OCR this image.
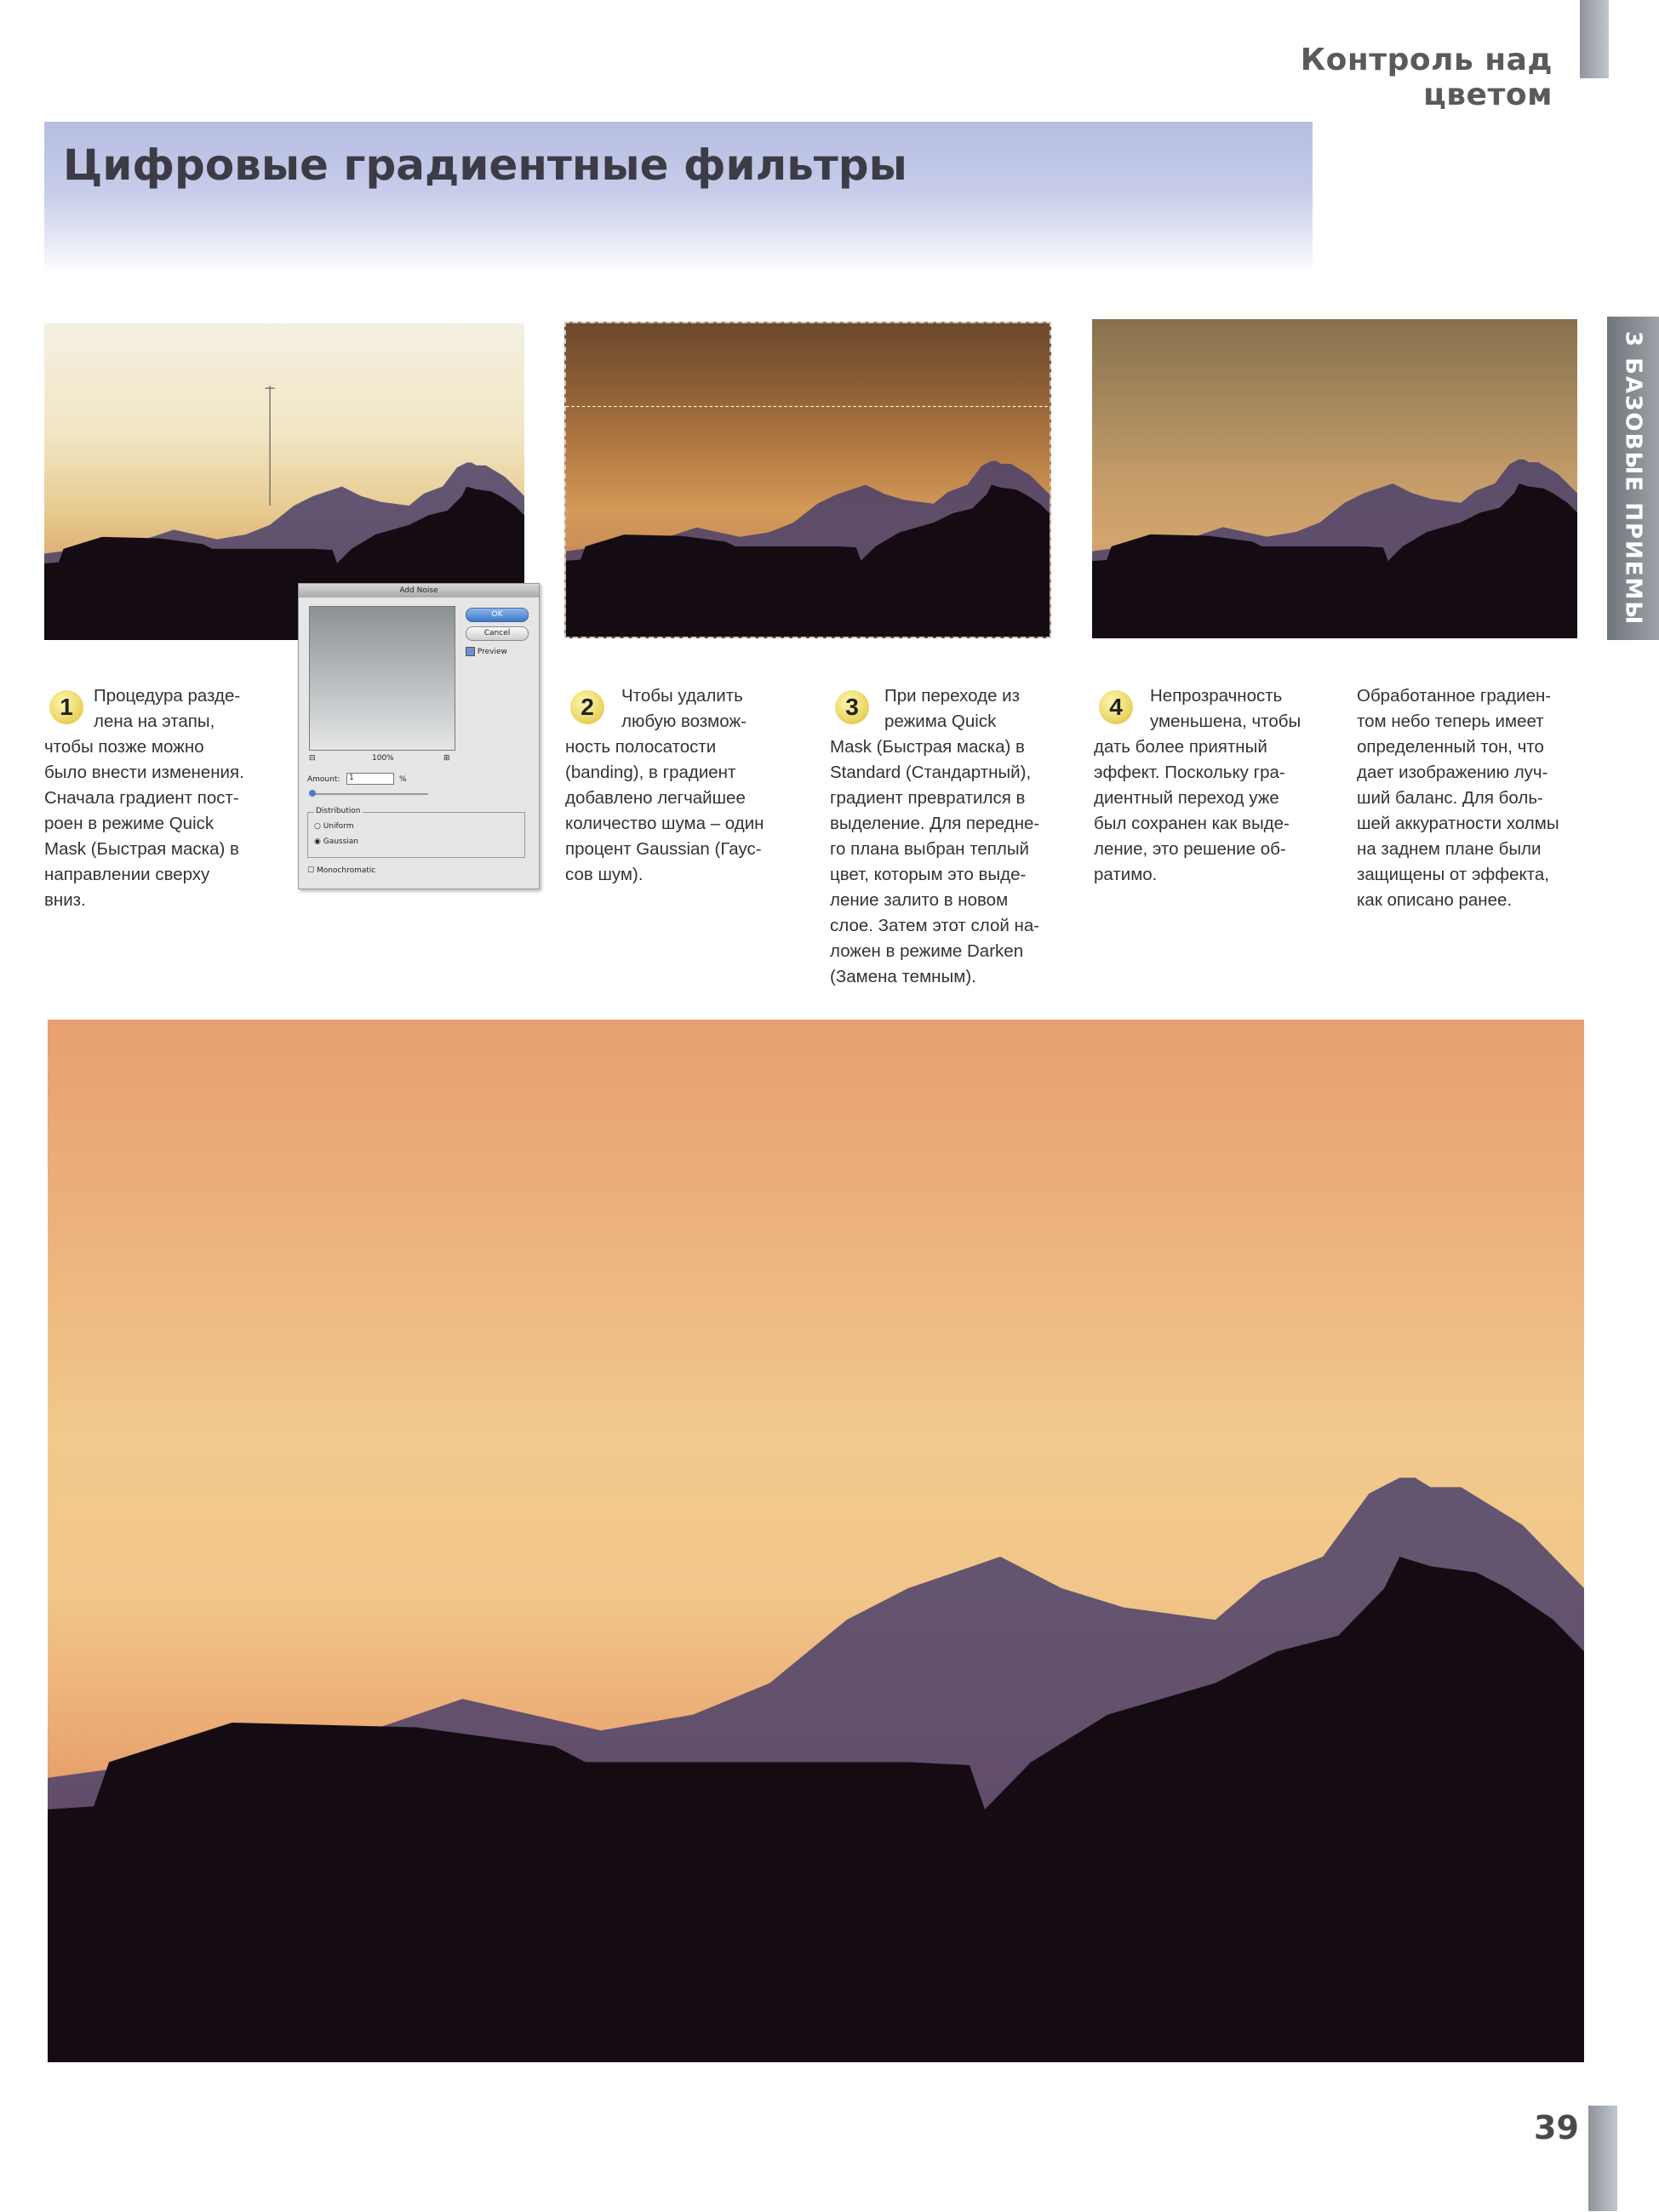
Контроль над цветом
Цифровые градиентные фильтры
3 БАЗОВЫЕ ПРИЕМЫ
Add Noise
OK
Cancel
Preview
⊟	100%	⊞
Amount:	1	%
Distribution
○ Uniform
◉ Gaussian
☐ Monochromatic
1	Процедура разде-
лена на этапы,
чтобы позже можно
было внести изменения.
Сначала градиент пост-
роен в режиме Quick
Mask (Быстрая маска) в
направлении сверху
вниз.
2	Чтобы удалить
любую возмож-
ность полосатости
(banding), в градиент
добавлено легчайшее
количество шума – один
процент Gaussian (Гаус-
сов шум).
3	При переходе из
режима Quick
Mask (Быстрая маска) в
Standard (Стандартный),
градиент превратился в
выделение. Для передне-
го плана выбран теплый
цвет, которым это выде-
ление залито в новом
слое. Затем этот слой на-
ложен в режиме Darken
(Замена темным).
4	Непрозрачность
уменьшена, чтобы
дать более приятный
эффект. Поскольку гра-
диентный переход уже
был сохранен как выде-
ление, это решение об-
ратимо.
Обработанное градиен-
том небо теперь имеет
определенный тон, что
дает изображению луч-
ший баланс. Для боль-
шей аккуратности холмы
на заднем плане были
защищены от эффекта,
как описано ранее.
39
